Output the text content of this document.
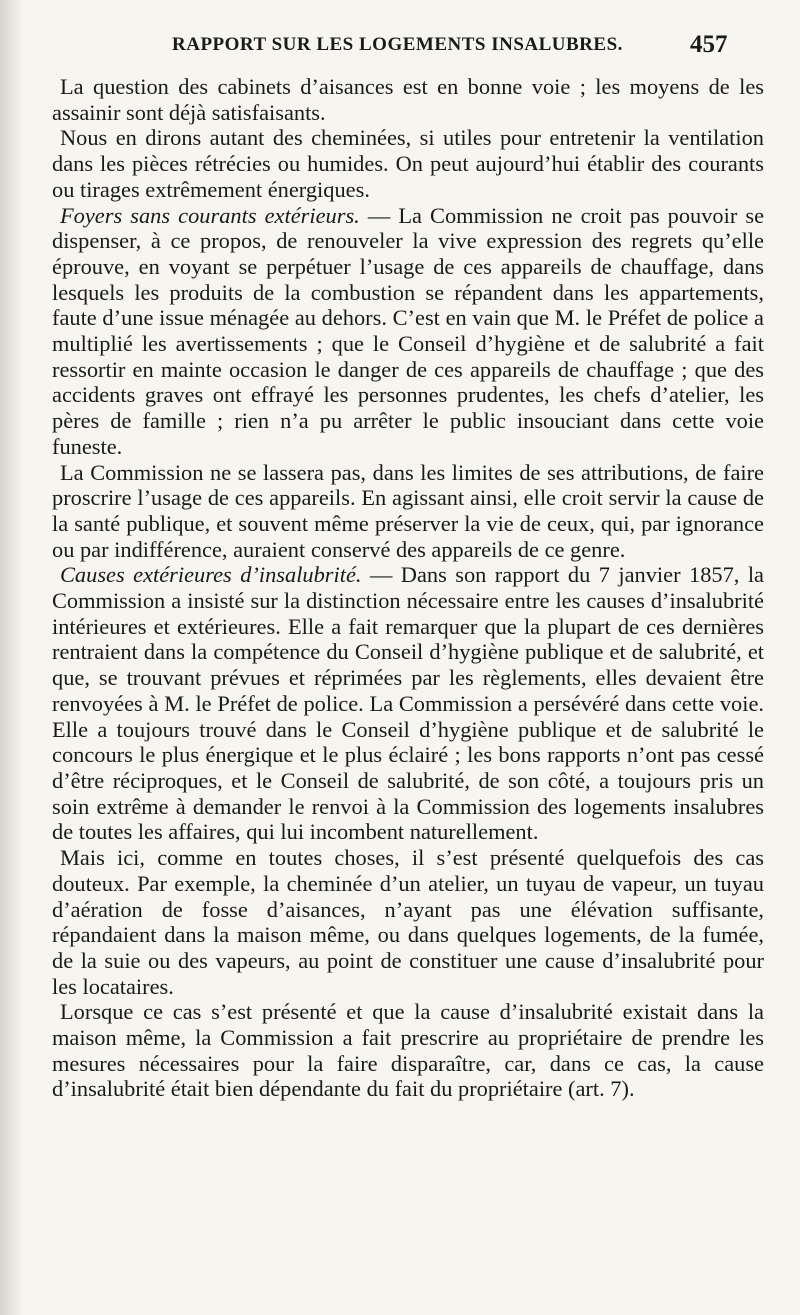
RAPPORT SUR LES LOGEMENTS INSALUBRES.	457

La question des cabinets d’aisances est en bonne voie ; les moyens de les assainir sont déjà satisfaisants.

Nous en dirons autant des cheminées, si utiles pour entretenir la ventilation dans les pièces rétrécies ou humides. On peut aujourd’hui établir des courants ou tirages extrêmement énergiques.

Foyers sans courants extérieurs. — La Commission ne croit pas pouvoir se dispenser, à ce propos, de renouveler la vive expression des regrets qu’elle éprouve, en voyant se perpétuer l’usage de ces appareils de chauffage, dans lesquels les produits de la combustion se répandent dans les appartements, faute d’une issue ménagée au dehors. C’est en vain que M. le Préfet de police a multiplié les avertissements ; que le Conseil d’hygiène et de salubrité a fait ressortir en mainte occasion le danger de ces appareils de chauffage ; que des accidents graves ont effrayé les personnes prudentes, les chefs d’atelier, les pères de famille ; rien n’a pu arrêter le public insouciant dans cette voie funeste.

La Commission ne se lassera pas, dans les limites de ses attributions, de faire proscrire l’usage de ces appareils. En agissant ainsi, elle croit servir la cause de la santé publique, et souvent même préserver la vie de ceux, qui, par ignorance ou par indifférence, auraient conservé des appareils de ce genre.

Causes extérieures d’insalubrité. — Dans son rapport du 7 janvier 1857, la Commission a insisté sur la distinction nécessaire entre les causes d’insalubrité intérieures et extérieures. Elle a fait remarquer que la plupart de ces dernières rentraient dans la compétence du Conseil d’hygiène publique et de salubrité, et que, se trouvant prévues et réprimées par les règlements, elles devaient être renvoyées à M. le Préfet de police. La Commission a persévéré dans cette voie. Elle a toujours trouvé dans le Conseil d’hygiène publique et de salubrité le concours le plus énergique et le plus éclairé ; les bons rapports n’ont pas cessé d’être réciproques, et le Conseil de salubrité, de son côté, a toujours pris un soin extrême à demander le renvoi à la Commission des logements insalubres de toutes les affaires, qui lui incombent naturellement.

Mais ici, comme en toutes choses, il s’est présenté quelquefois des cas douteux. Par exemple, la cheminée d’un atelier, un tuyau de vapeur, un tuyau d’aération de fosse d’aisances, n’ayant pas une élévation suffisante, répandaient dans la maison même, ou dans quelques logements, de la fumée, de la suie ou des vapeurs, au point de constituer une cause d’insalubrité pour les locataires.

Lorsque ce cas s’est présenté et que la cause d’insalubrité existait dans la maison même, la Commission a fait prescrire au propriétaire de prendre les mesures nécessaires pour la faire disparaître, car, dans ce cas, la cause d’insalubrité était bien dépendante du fait du propriétaire (art. 7).
